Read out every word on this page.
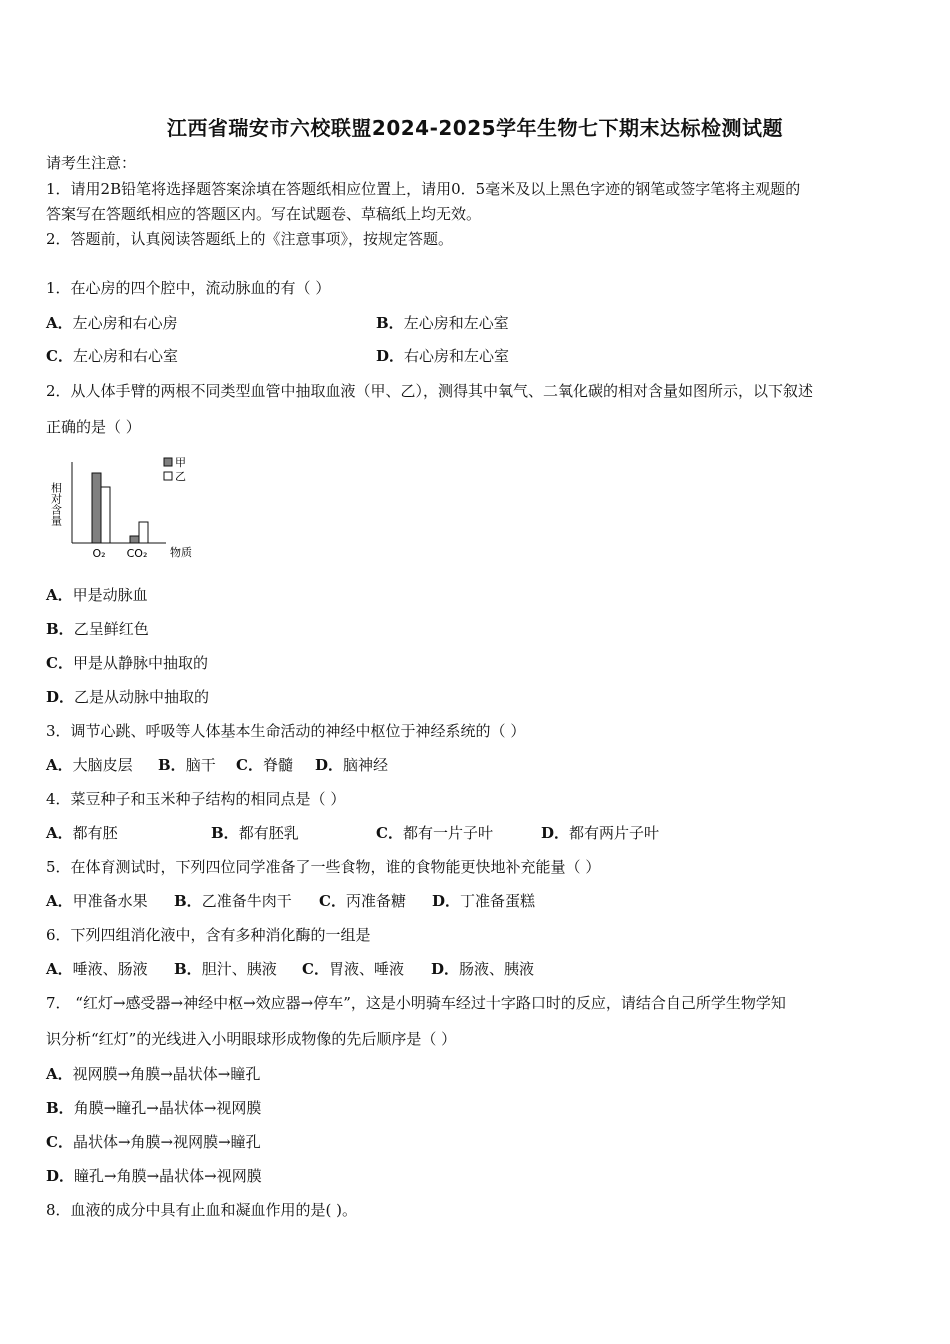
江西省瑞安市六校联盟2024-2025学年生物七下期末达标检测试题
请考生注意：
1．请用2B铅笔将选择题答案涂填在答题纸相应位置上，请用0．5毫米及以上黑色字迹的钢笔或签字笔将主观题的
答案写在答题纸相应的答题区内。写在试题卷、草稿纸上均无效。
2．答题前，认真阅读答题纸上的《注意事项》，按规定答题。
1．在心房的四个腔中，流动脉血的有（ ）
A．左心房和右心房	B．左心房和左心室
C．左心房和右心室	D．右心房和左心室
2．从人体手臂的两根不同类型血管中抽取血液（甲、乙），测得其中氧气、二氧化碳的相对含量如图所示，以下叙述
正确的是（ ）
相对含量
O₂ CO₂ 物质
甲
乙
A．甲是动脉血
B．乙呈鲜红色
C．甲是从静脉中抽取的
D．乙是从动脉中抽取的
3．调节心跳、呼吸等人体基本生命活动的神经中枢位于神经系统的（ ）
A．大脑皮层 B．脑干 C．脊髓 D．脑神经
4．菜豆种子和玉米种子结构的相同点是（ ）
A．都有胚	B．都有胚乳	C．都有一片子叶	D．都有两片子叶
5．在体育测试时，下列四位同学准备了一些食物，谁的食物能更快地补充能量（ ）
A．甲准备水果 B．乙准备牛肉干 C．丙准备糖 D．丁准备蛋糕
6．下列四组消化液中，含有多种消化酶的一组是
A．唾液、肠液 B．胆汁、胰液 C．胃液、唾液 D．肠液、胰液
7． “红灯→感受器→神经中枢→效应器→停车”，这是小明骑车经过十字路口时的反应，请结合自己所学生物学知
识分析“红灯”的光线进入小明眼球形成物像的先后顺序是（ ）
A．视网膜→角膜→晶状体→瞳孔
B．角膜→瞳孔→晶状体→视网膜
C．晶状体→角膜→视网膜→瞳孔
D．瞳孔→角膜→晶状体→视网膜
8．血液的成分中具有止血和凝血作用的是( )。
